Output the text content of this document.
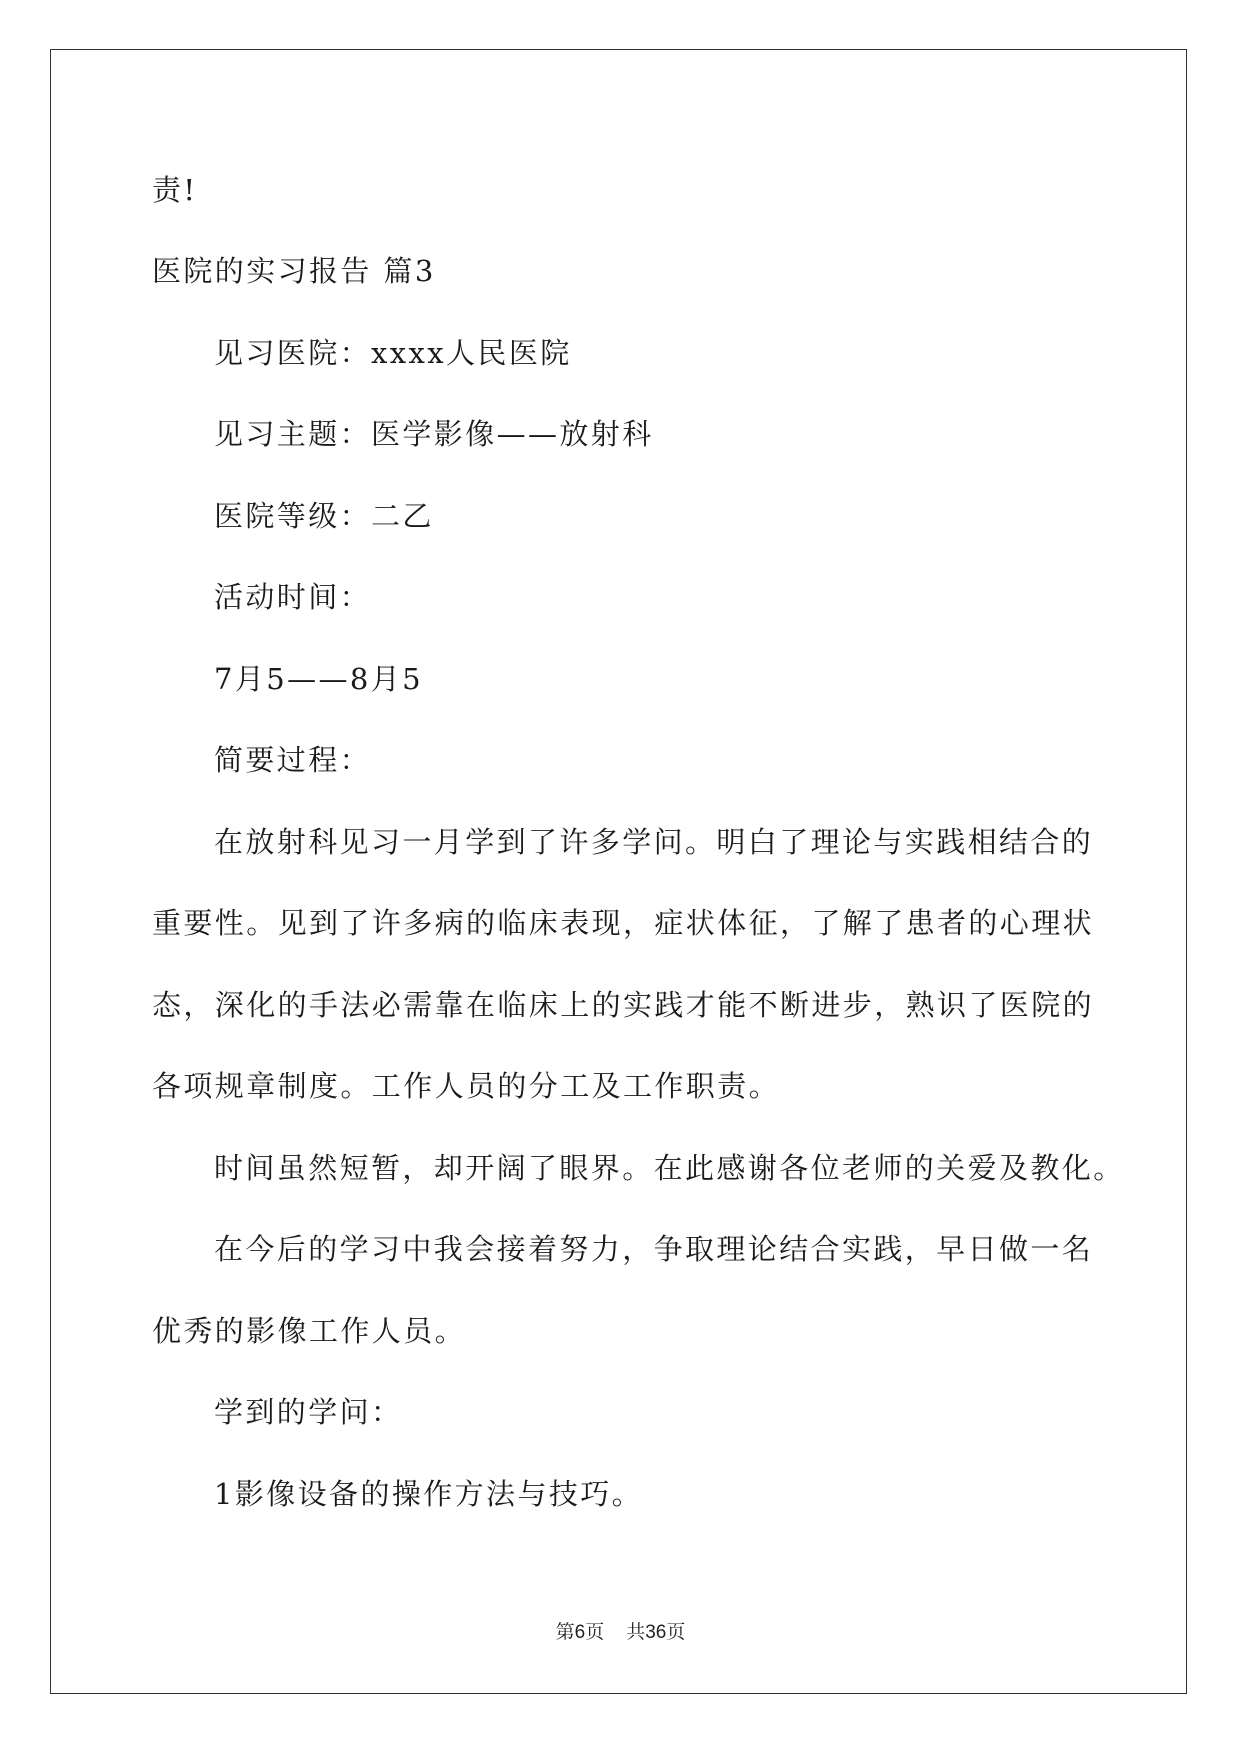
责!
医院的实习报告 篇3
见习医院：xxxx人民医院
见习主题：医学影像——放射科
医院等级：二乙
活动时间：
7月5——8月5
简要过程：
在放射科见习一月学到了许多学问。明白了理论与实践相结合的
重要性。见到了许多病的临床表现，症状体征，了解了患者的心理状
态，深化的手法必需靠在临床上的实践才能不断进步，熟识了医院的
各项规章制度。工作人员的分工及工作职责。
时间虽然短暂，却开阔了眼界。在此感谢各位老师的关爱及教化。
在今后的学习中我会接着努力，争取理论结合实践，早日做一名
优秀的影像工作人员。
学到的学问：
1影像设备的操作方法与技巧。
第6页 共36页
